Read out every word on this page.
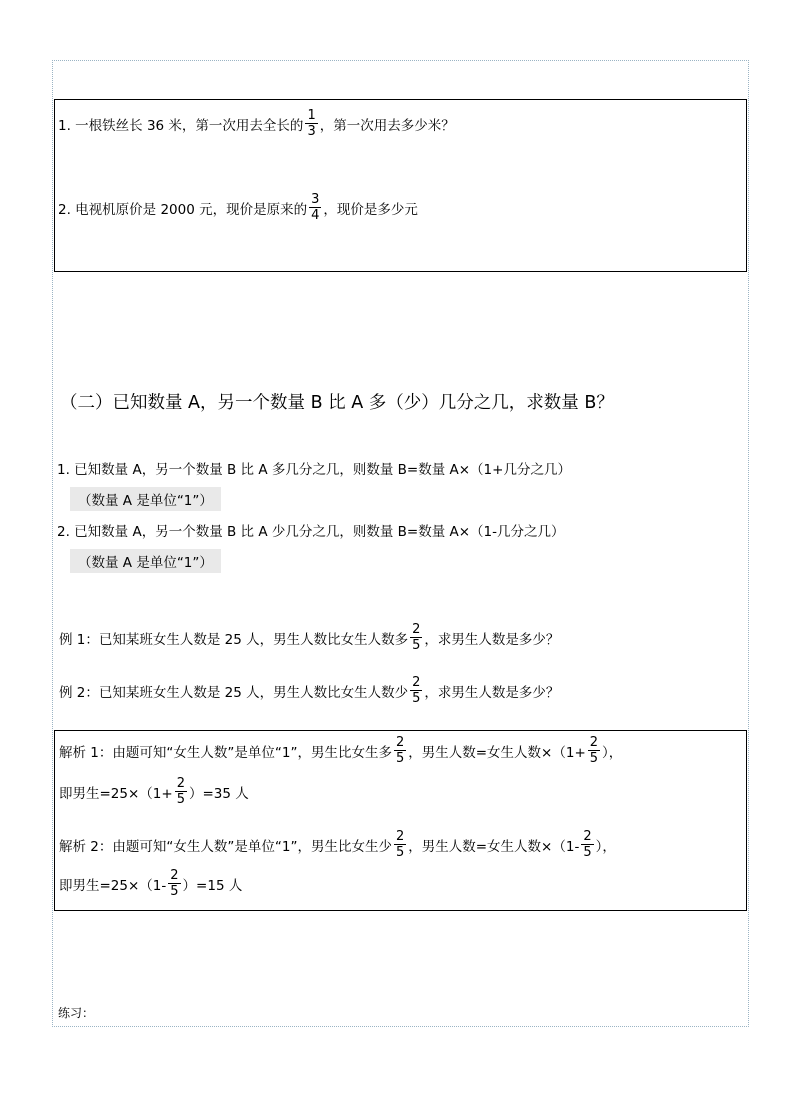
1. 一根铁丝长 36 米，第一次用去全长的 $\frac{1}{3}$ ，第一次用去多少米？
2. 电视机原价是 2000 元，现价是原来的 $\frac{3}{4}$ ，现价是多少元
（二）已知数量 A，另一个数量 B 比 A 多（少）几分之几，求数量 B？
1. 已知数量 A，另一个数量 B 比 A 多几分之几，则数量 B=数量 A×（1+几分之几）
（数量 A 是单位“1”）
2. 已知数量 A，另一个数量 B 比 A 少几分之几，则数量 B=数量 A×（1-几分之几）
（数量 A 是单位“1”）
例 1：已知某班女生人数是 25 人，男生人数比女生人数多 $\frac{2}{5}$ ，求男生人数是多少？
例 2：已知某班女生人数是 25 人，男生人数比女生人数少 $\frac{2}{5}$ ，求男生人数是多少？
解析 1：由题可知“女生人数”是单位“1”，男生比女生多 $\frac{2}{5}$ ，男生人数=女生人数$\times(1+ \frac{2}{5}$ ），
即男生$=25\times(1+ \frac{2}{5} )=35$ 人
解析 2：由题可知“女生人数”是单位“1”，男生比女生少 $\frac{2}{5}$ ，男生人数=女生人数$\times(1- \frac{2}{5}$ ），
即男生$=25\times(1- \frac{2}{5} )=15$ 人
练习：
